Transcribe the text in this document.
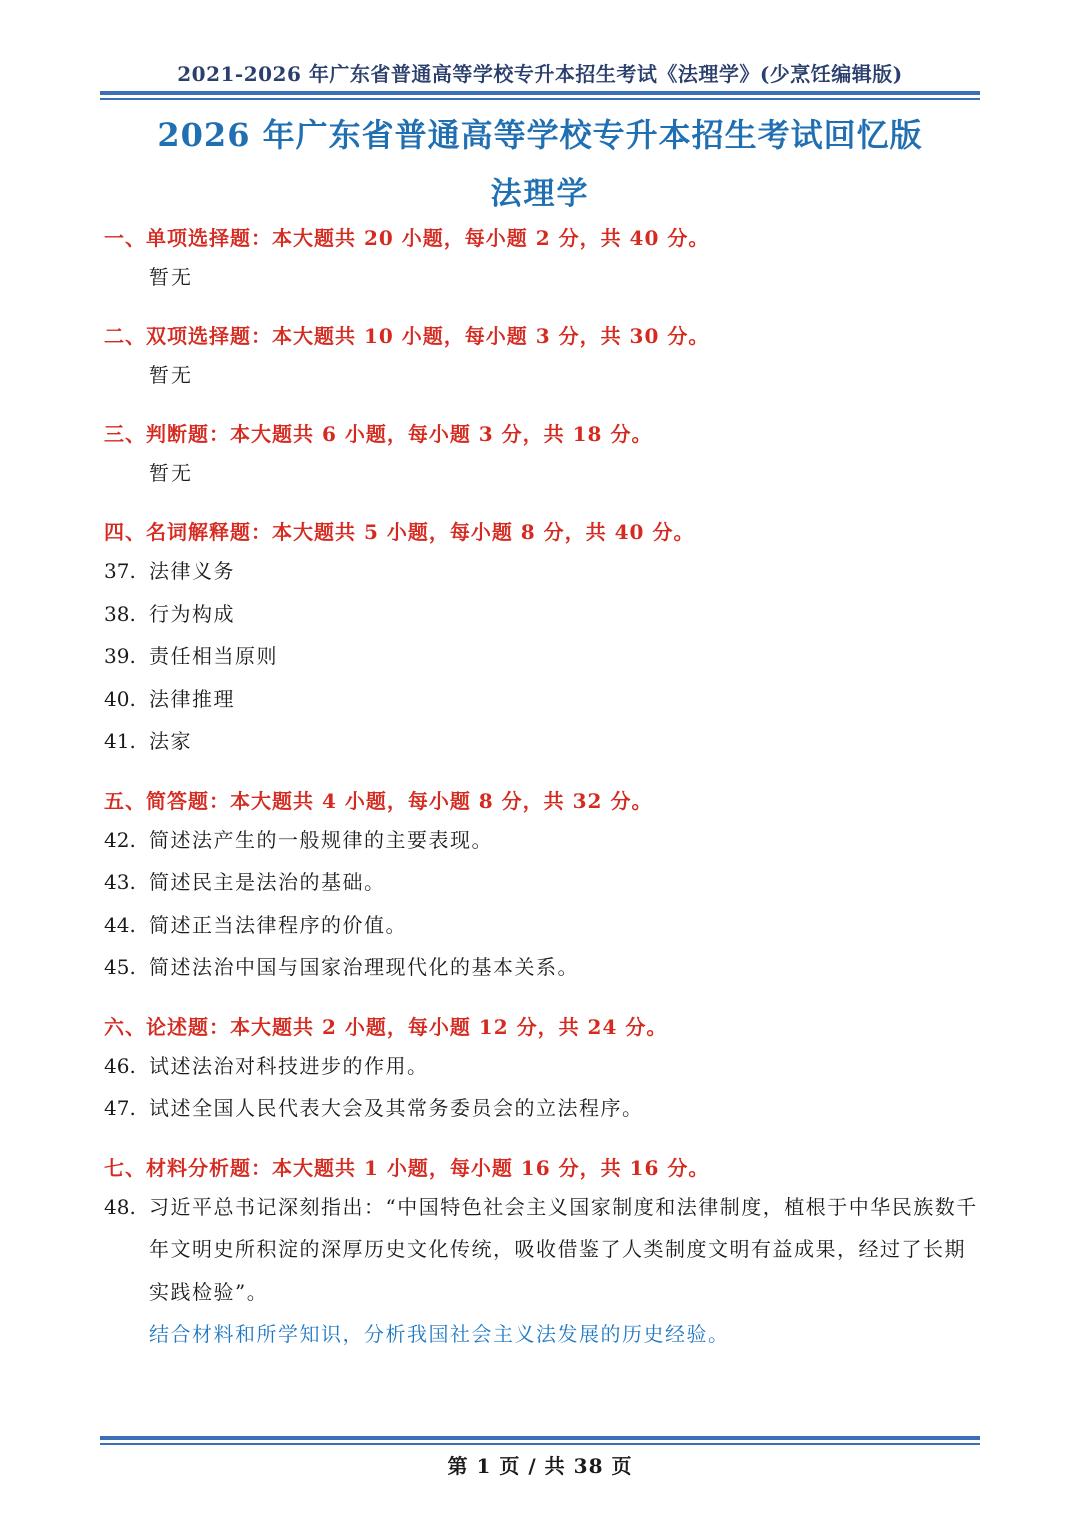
2021-2026 年广东省普通高等学校专升本招生考试《法理学》(少烹饪编辑版)
2026 年广东省普通高等学校专升本招生考试回忆版
法理学
一、单项选择题：本大题共 20 小题，每小题 2 分，共 40 分。
暂无
二、双项选择题：本大题共 10 小题，每小题 3 分，共 30 分。
暂无
三、判断题：本大题共 6 小题，每小题 3 分，共 18 分。
暂无
四、名词解释题：本大题共 5 小题，每小题 8 分，共 40 分。
37. 法律义务
38. 行为构成
39. 责任相当原则
40. 法律推理
41. 法家
五、简答题：本大题共 4 小题，每小题 8 分，共 32 分。
42. 简述法产生的一般规律的主要表现。
43. 简述民主是法治的基础。
44. 简述正当法律程序的价值。
45. 简述法治中国与国家治理现代化的基本关系。
六、论述题：本大题共 2 小题，每小题 12 分，共 24 分。
46. 试述法治对科技进步的作用。
47. 试述全国人民代表大会及其常务委员会的立法程序。
七、材料分析题：本大题共 1 小题，每小题 16 分，共 16 分。
48. 习近平总书记深刻指出：“中国特色社会主义国家制度和法律制度，植根于中华民族数千年文明史所积淀的深厚历史文化传统，吸收借鉴了人类制度文明有益成果，经过了长期实践检验”。
结合材料和所学知识，分析我国社会主义法发展的历史经验。
第 1 页 / 共 38 页
